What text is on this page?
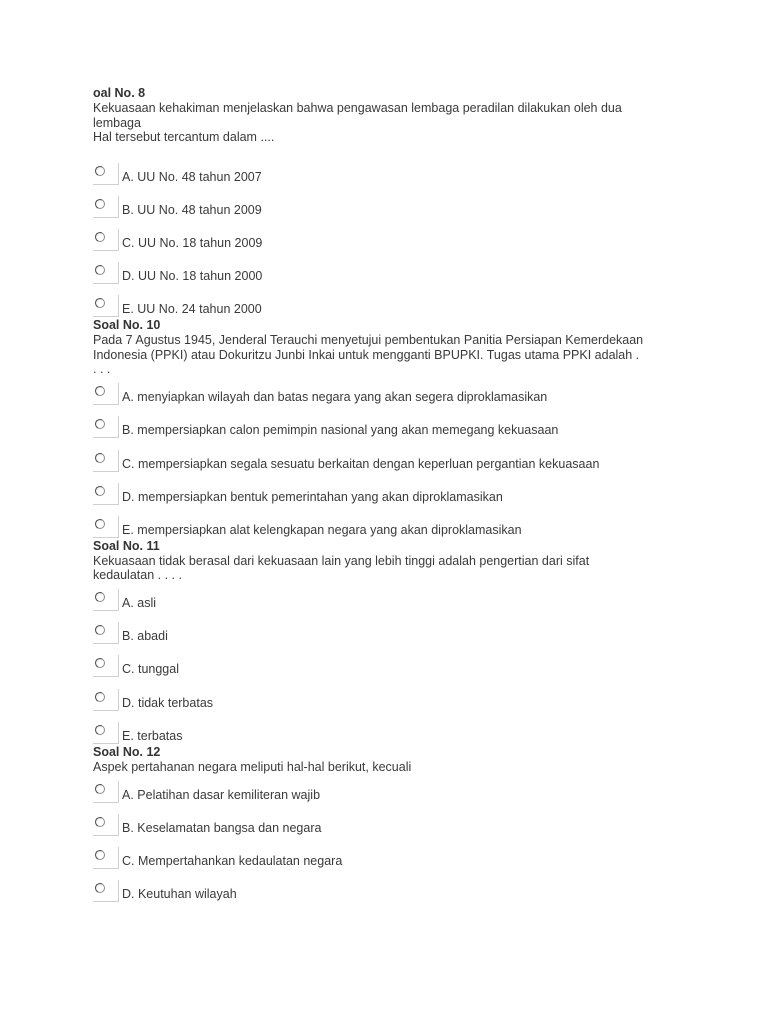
oal No. 8
Kekuasaan kehakiman menjelaskan bahwa pengawasan lembaga peradilan dilakukan oleh dua
lembaga
Hal tersebut tercantum dalam ....
A. UU No. 48 tahun 2007
B. UU No. 48 tahun 2009
C. UU No. 18 tahun 2009
D. UU No. 18 tahun 2000
E. UU No. 24 tahun 2000
Soal No. 10
Pada 7 Agustus 1945, Jenderal Terauchi menyetujui pembentukan Panitia Persiapan Kemerdekaan
Indonesia (PPKI) atau Dokuritzu Junbi Inkai untuk mengganti BPUPKI. Tugas utama PPKI adalah .
. . .
A. menyiapkan wilayah dan batas negara yang akan segera diproklamasikan
B. mempersiapkan calon pemimpin nasional yang akan memegang kekuasaan
C. mempersiapkan segala sesuatu berkaitan dengan keperluan pergantian kekuasaan
D. mempersiapkan bentuk pemerintahan yang akan diproklamasikan
E. mempersiapkan alat kelengkapan negara yang akan diproklamasikan
Soal No. 11
Kekuasaan tidak berasal dari kekuasaan lain yang lebih tinggi adalah pengertian dari sifat
kedaulatan . . . .
A. asli
B. abadi
C. tunggal
D. tidak terbatas
E. terbatas
Soal No. 12
Aspek pertahanan negara meliputi hal-hal berikut, kecuali
A. Pelatihan dasar kemiliteran wajib
B. Keselamatan bangsa dan negara
C. Mempertahankan kedaulatan negara
D. Keutuhan wilayah
